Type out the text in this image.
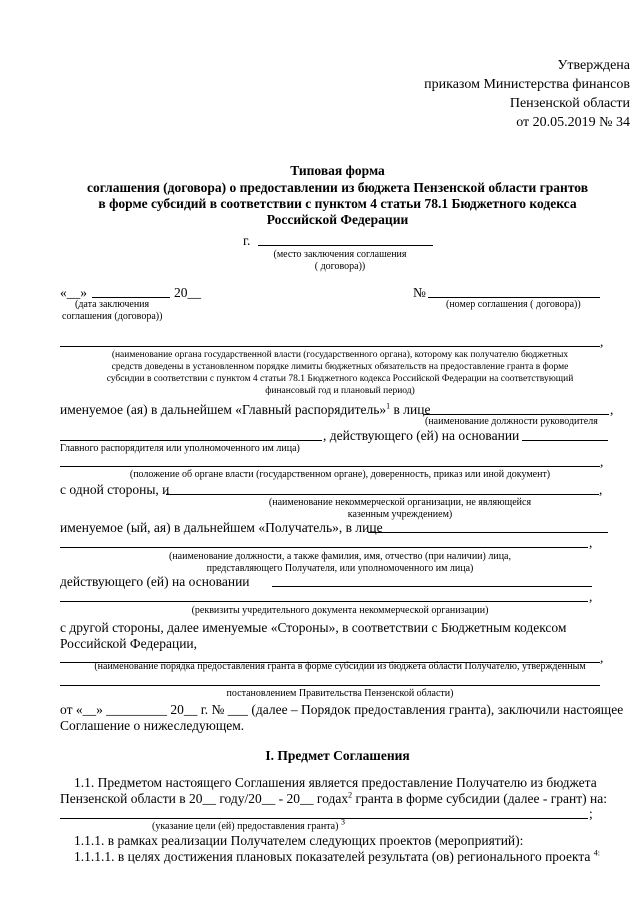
Утверждена
приказом Министерства финансов
Пензенской области
от 20.05.2019 № 34
Типовая форма
соглашения (договора) о предоставлении из бюджета Пензенской области грантов
в форме субсидий в соответствии с пунктом 4 статьи 78.1 Бюджетного кодекса
Российской Федерации
г.
(место заключения соглашения
( договора))
«__»	20__	№
(дата заключения
соглашения (договора))
(номер соглашения ( договора))
,
(наименование органа государственной власти (государственного органа), которому как получателю бюджетных
средств доведены в установленном порядке лимиты бюджетных обязательств на предоставление гранта в форме
субсидии в соответствии с пунктом 4 статьи 78.1 Бюджетного кодекса Российской Федерации на соответствующий
финансовый год и плановый период)
именуемое (ая) в дальнейшем «Главный распорядитель»$^1$ в лице	,
(наименование должности руководителя
, действующего (ей) на основании
Главного распорядителя или уполномоченного им лица)
,
(положение об органе власти (государственном органе), доверенность, приказ или иной документ)
с одной стороны, и	,
(наименование некоммерческой организации, не являющейся
казенным учреждением)
именуемое (ый, ая) в дальнейшем «Получатель», в лице
,
(наименование должности, а также фамилия, имя, отчество (при наличии) лица,
представляющего Получателя, или уполномоченного им лица)
действующего (ей) на основании
,
(реквизиты учредительного документа некоммерческой организации)
с другой стороны, далее именуемые «Стороны», в соответствии с Бюджетным кодексом
Российской Федерации,
,
(наименование порядка предоставления гранта в форме субсидии из бюджета области Получателю, утвержденным
постановлением Правительства Пензенской области)
от «__» _________ 20__ г. № ___ (далее – Порядок предоставления гранта), заключили настоящее
Соглашение о нижеследующем.
I. Предмет Соглашения
1.1. Предметом настоящего Соглашения является предоставление Получателю из бюджета
Пензенской области в 20__ году/20__ - 20__ годах$^2$ гранта в форме субсидии (далее - грант) на:
;
(указание цели (ей) предоставления гранта) $^3$
1.1.1. в рамках реализации Получателем следующих проектов (мероприятий):
1.1.1.1. в целях достижения плановых показателей результата (ов) регионального проекта $^{4:}$
